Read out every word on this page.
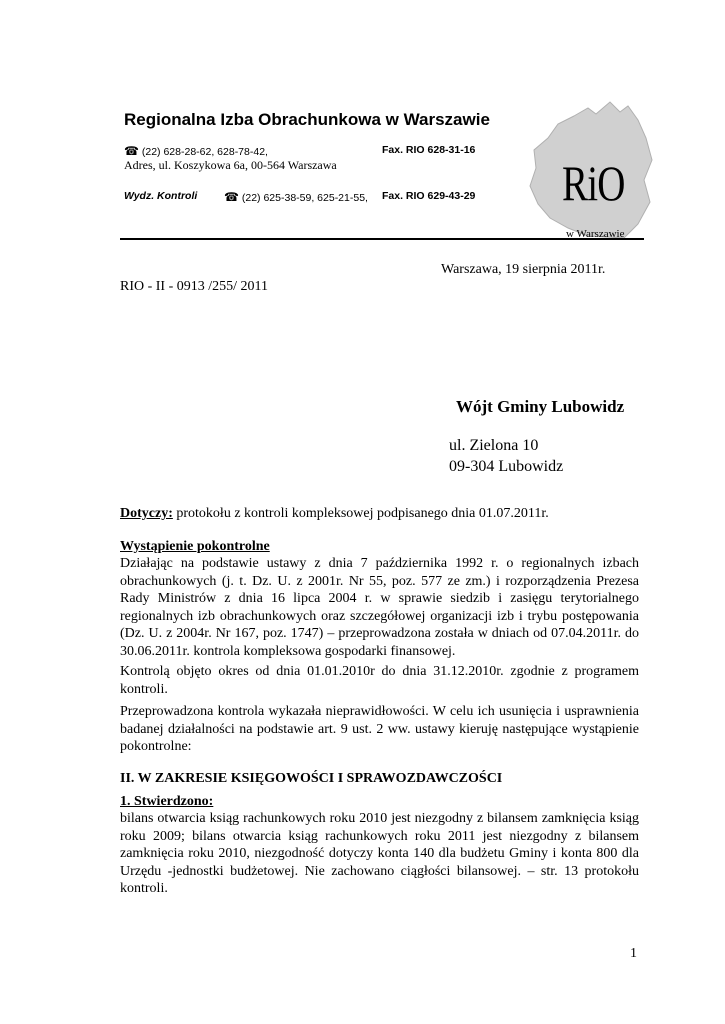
Regionalna Izba Obrachunkowa w Warszawie
☎ (22) 628-28-62, 628-78-42,	Fax. RIO 628-31-16
Adres, ul. Koszykowa 6a, 00-564 Warszawa
Wydz. Kontroli ☎ (22) 625-38-59, 625-21-55, Fax. RIO 629-43-29 RiO
w Warszawie
Warszawa, 19 sierpnia 2011r.
RIO - II - 0913 /255/ 2011
Wójt Gminy Lubowidz
ul. Zielona 10
09-304 Lubowidz
Dotyczy: protokołu z kontroli kompleksowej podpisanego dnia 01.07.2011r.
Wystąpienie pokontrolne
Działając na podstawie ustawy z dnia 7 października 1992 r. o regionalnych izbach obrachunkowych (j. t. Dz. U. z 2001r. Nr 55, poz. 577 ze zm.) i rozporządzenia Prezesa Rady Ministrów z dnia 16 lipca 2004 r. w sprawie siedzib i zasięgu terytorialnego regionalnych izb obrachunkowych oraz szczegółowej organizacji izb i trybu postępowania (Dz. U. z 2004r. Nr 167, poz. 1747) – przeprowadzona została w dniach od 07.04.2011r. do 30.06.2011r. kontrola kompleksowa gospodarki finansowej.
Kontrolą objęto okres od dnia 01.01.2010r do dnia 31.12.2010r. zgodnie z programem kontroli.
Przeprowadzona kontrola wykazała nieprawidłowości. W celu ich usunięcia i usprawnienia badanej działalności na podstawie art. 9 ust. 2 ww. ustawy kieruję następujące wystąpienie pokontrolne:
II. W ZAKRESIE KSIĘGOWOŚCI I SPRAWOZDAWCZOŚCI
1. Stwierdzono:
bilans otwarcia ksiąg rachunkowych roku 2010 jest niezgodny z bilansem zamknięcia ksiąg roku 2009; bilans otwarcia ksiąg rachunkowych roku 2011 jest niezgodny z bilansem zamknięcia roku 2010, niezgodność dotyczy konta 140 dla budżetu Gminy i konta 800 dla Urzędu -jednostki budżetowej. Nie zachowano ciągłości bilansowej. – str. 13 protokołu kontroli.
1
